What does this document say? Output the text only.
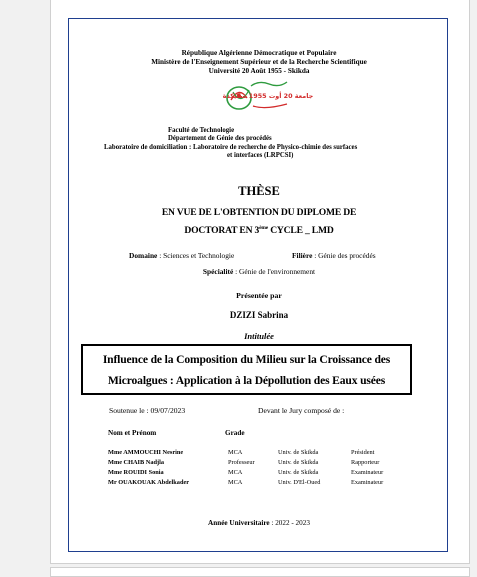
République Algérienne Démocratique et Populaire
Ministère de l'Enseignement Supérieur et de la Recherche Scientifique
Université 20 Août 1955 - Skikda
جامعة 20 أوت 1955 سكيكدة
Faculté de Technologie
Département de Génie des procédés
Laboratoire de domiciliation : Laboratoire de recherche de Physico-chimie des surfaces
et interfaces (LRPCSI)
THÈSE
EN VUE DE L'OBTENTION DU DIPLOME DE
DOCTORAT EN 3ème CYCLE _ LMD
Domaine : Sciences et Technologie	Filière : Génie des procédés
Spécialité : Génie de l'environnement
Présentée par
DZIZI Sabrina
Intitulée
Influence de la Composition du Milieu sur la Croissance des
Microalgues : Application à la Dépollution des Eaux usées
Soutenue le : 09/07/2023	Devant le Jury composé de :
Nom et Prénom	Grade
Mme AMMOUCHI Nesrine	MCA	Univ. de Skikda	Président
Mme CHAIB Nadjla	Professeur	Univ. de Skikda	Rapporteur
Mme ROUIDI Sonia	MCA	Univ. de Skikda	Examinateur
Mr OUAKOUAK Abdelkader	MCA	Univ. D'El-Oued	Examinateur
Année Universitaire : 2022 - 2023
